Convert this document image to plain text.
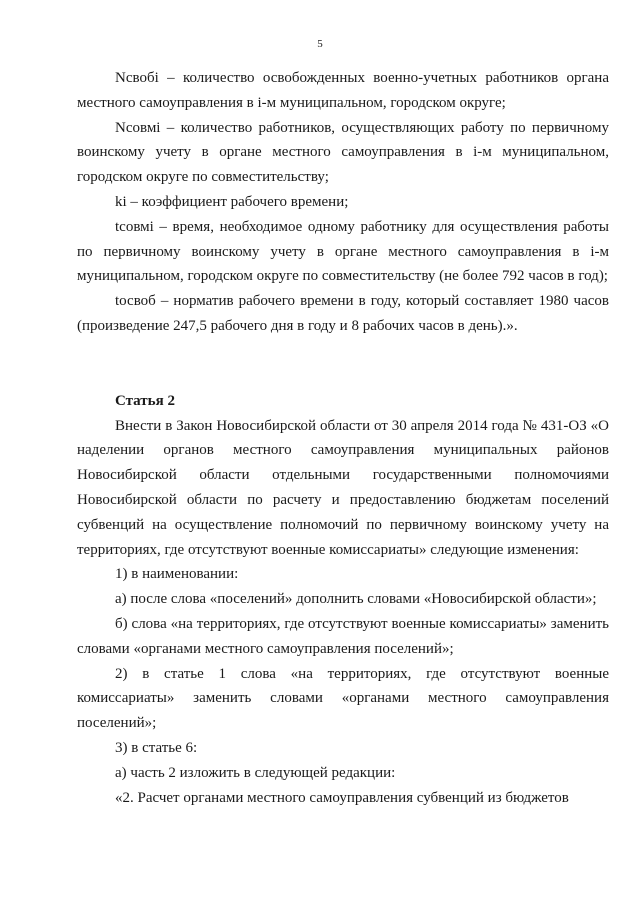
5

Nсвобi – количество освобожденных военно-учетных работников органа местного самоуправления в i-м муниципальном, городском округе;

Nсовмi – количество работников, осуществляющих работу по первичному воинскому учету в органе местного самоуправления в i-м муниципальном, городском округе по совместительству;

ki – коэффициент рабочего времени;

tсовмi – время, необходимое одному работнику для осуществления работы по первичному воинскому учету в органе местного самоуправления в i-м муниципальном, городском округе по совместительству (не более 792 часов в год);

tосвоб – норматив рабочего времени в году, который составляет 1980 часов (произведение 247,5 рабочего дня в году и 8 рабочих часов в день).».

Статья 2

Внести в Закон Новосибирской области от 30 апреля 2014 года № 431-ОЗ «О наделении органов местного самоуправления муниципальных районов Новосибирской области отдельными государственными полномочиями Новосибирской области по расчету и предоставлению бюджетам поселений субвенций на осуществление полномочий по первичному воинскому учету на территориях, где отсутствуют военные комиссариаты» следующие изменения:

1) в наименовании:

а) после слова «поселений» дополнить словами «Новосибирской области»;

б) слова «на территориях, где отсутствуют военные комиссариаты» заменить словами «органами местного самоуправления поселений»;

2) в статье 1 слова «на территориях, где отсутствуют военные комиссариаты» заменить словами «органами местного самоуправления поселений»;

3) в статье 6:

а) часть 2 изложить в следующей редакции:

«2. Расчет органами местного самоуправления субвенций из бюджетов
